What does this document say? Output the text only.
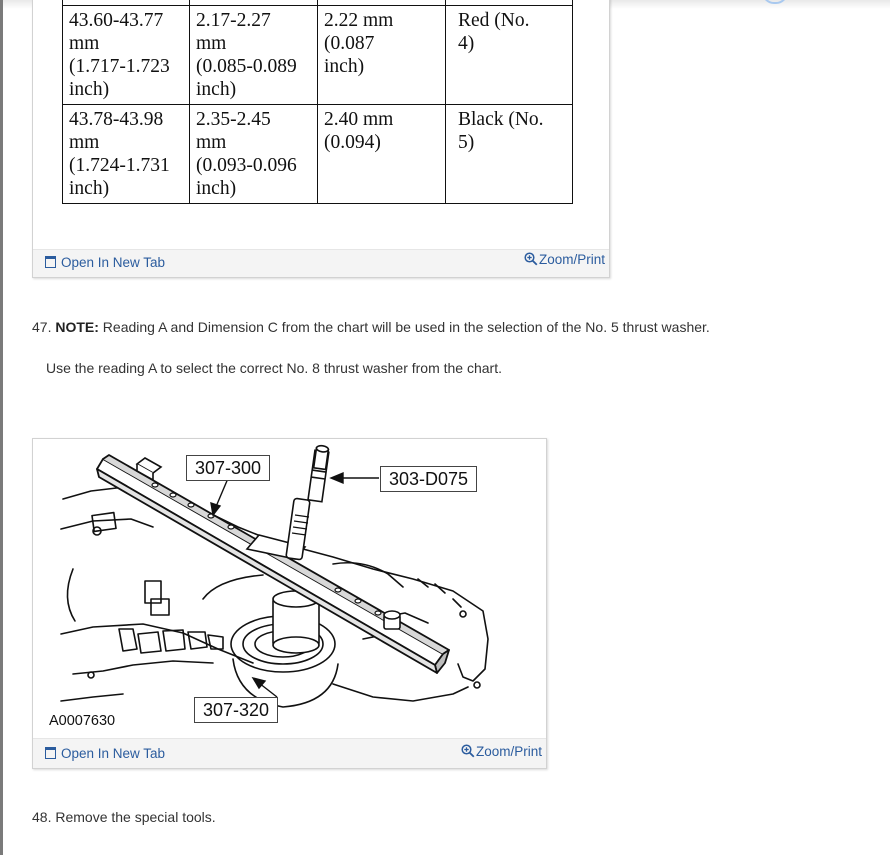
43.60-43.77
mm
(1.717-1.723
inch)	2.17-2.27
mm
(0.085-0.089
inch)	2.22 mm
(0.087
inch)	Red (No.
4)

43.78-43.98
mm
(1.724-1.731
inch)	2.35-2.45
mm
(0.093-0.096
inch)	2.40 mm
(0.094)	Black (No.
5)
Open In New Tab	Zoom/Print
47. NOTE: Reading A and Dimension C from the chart will be used in the selection of the No. 5 thrust washer.
Use the reading A to select the correct No. 8 thrust washer from the chart.
307-300
303-D075
307-320
A0007630
Open In New Tab	Zoom/Print
48. Remove the special tools.
